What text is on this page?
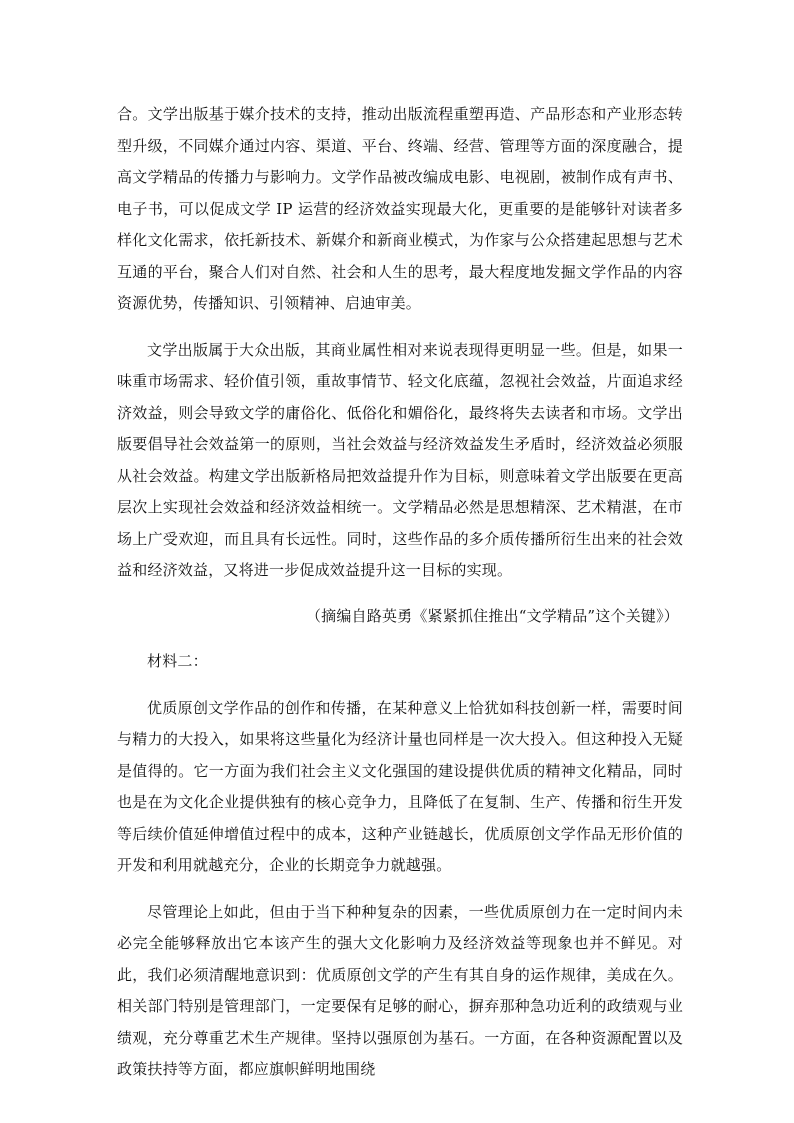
合。文学出版基于媒介技术的支持，推动出版流程重塑再造、产品形态和产业形态转型升级，不同媒介通过内容、渠道、平台、终端、经营、管理等方面的深度融合，提高文学精品的传播力与影响力。文学作品被改编成电影、电视剧，被制作成有声书、电子书，可以促成文学 IP 运营的经济效益实现最大化，更重要的是能够针对读者多样化文化需求，依托新技术、新媒介和新商业模式，为作家与公众搭建起思想与艺术互通的平台，聚合人们对自然、社会和人生的思考，最大程度地发掘文学作品的内容资源优势，传播知识、引领精神、启迪审美。

文学出版属于大众出版，其商业属性相对来说表现得更明显一些。但是，如果一味重市场需求、轻价值引领，重故事情节、轻文化底蕴，忽视社会效益，片面追求经济效益，则会导致文学的庸俗化、低俗化和媚俗化，最终将失去读者和市场。文学出版要倡导社会效益第一的原则，当社会效益与经济效益发生矛盾时，经济效益必须服从社会效益。构建文学出版新格局把效益提升作为目标，则意味着文学出版要在更高层次上实现社会效益和经济效益相统一。文学精品必然是思想精深、艺术精湛，在市场上广受欢迎，而且具有长远性。同时，这些作品的多介质传播所衍生出来的社会效益和经济效益，又将进一步促成效益提升这一目标的实现。

（摘编自路英勇《紧紧抓住推出“文学精品”这个关键》）

材料二：

优质原创文学作品的创作和传播，在某种意义上恰犹如科技创新一样，需要时间与精力的大投入，如果将这些量化为经济计量也同样是一次大投入。但这种投入无疑是值得的。它一方面为我们社会主义文化强国的建设提供优质的精神文化精品，同时也是在为文化企业提供独有的核心竞争力，且降低了在复制、生产、传播和衍生开发等后续价值延伸增值过程中的成本，这种产业链越长，优质原创文学作品无形价值的开发和利用就越充分，企业的长期竞争力就越强。

尽管理论上如此，但由于当下种种复杂的因素，一些优质原创力在一定时间内未必完全能够释放出它本该产生的强大文化影响力及经济效益等现象也并不鲜见。对此，我们必须清醒地意识到：优质原创文学的产生有其自身的运作规律，美成在久。相关部门特别是管理部门，一定要保有足够的耐心，摒弃那种急功近利的政绩观与业绩观，充分尊重艺术生产规律。坚持以强原创为基石。一方面，在各种资源配置以及政策扶持等方面，都应旗帜鲜明地围绕
